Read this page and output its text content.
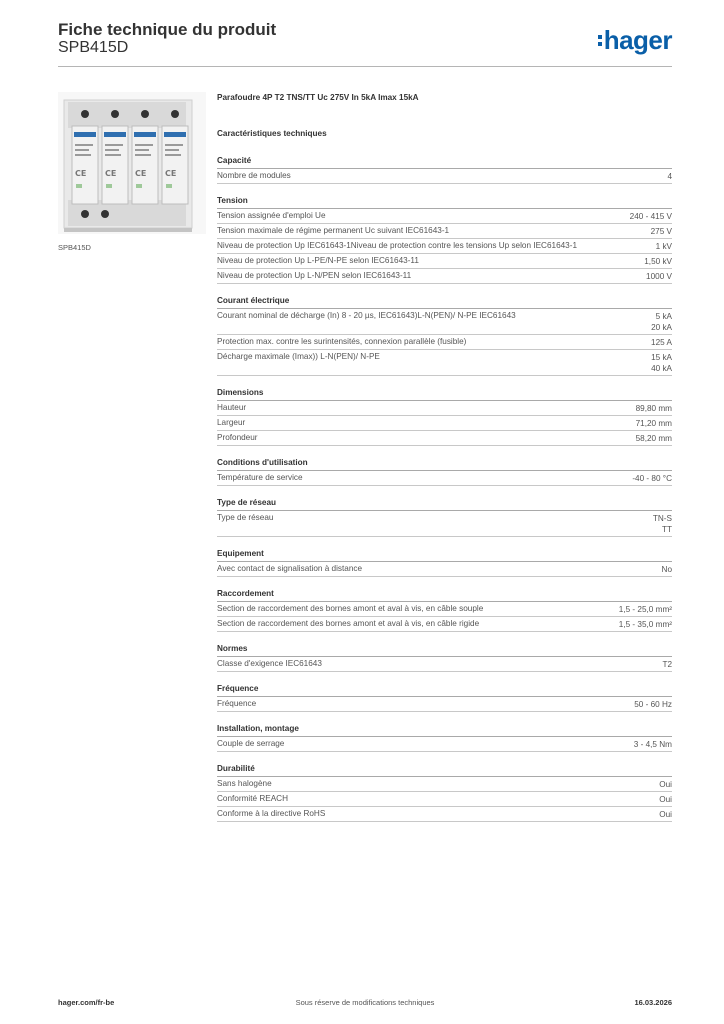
Fiche technique du produit
SPB415D	hager
CE CE CE CE
SPB415D
Parafoudre 4P T2 TNS/TT Uc 275V In 5kA Imax 15kA
Caractéristiques techniques
Capacité
Nombre de modules	4
Tension
Tension assignée d'emploi Ue	240 - 415 V
Tension maximale de régime permanent Uc suivant IEC61643-1	275 V
Niveau de protection Up IEC61643-1Niveau de protection contre les tensions Up selon IEC61643-1	1 kV
Niveau de protection Up L-PE/N-PE selon IEC61643-11	1,50 kV
Niveau de protection Up L-N/PEN selon IEC61643-11	1000 V
Courant électrique
Courant nominal de décharge (In) 8 - 20 µs, IEC61643)L-N(PEN)/ N-PE IEC61643	5 kA
20 kA
Protection max. contre les surintensités, connexion parallèle (fusible)	125 A
Décharge maximale (Imax)) L-N(PEN)/ N-PE	15 kA
40 kA
Dimensions
Hauteur	89,80 mm
Largeur	71,20 mm
Profondeur	58,20 mm
Conditions d'utilisation
Température de service	-40 - 80 °C
Type de réseau
Type de réseau	TN-S
TT
Equipement
Avec contact de signalisation à distance	No
Raccordement
Section de raccordement des bornes amont et aval à vis, en câble souple	1,5 - 25,0 mm²
Section de raccordement des bornes amont et aval à vis, en câble rigide	1,5 - 35,0 mm²
Normes
Classe d'exigence IEC61643	T2
Fréquence
Fréquence	50 - 60 Hz
Installation, montage
Couple de serrage	3 - 4,5 Nm
Durabilité
Sans halogène	Oui
Conformité REACH	Oui
Conforme à la directive RoHS	Oui
hager.com/fr-be	Sous réserve de modifications techniques	16.03.2026
